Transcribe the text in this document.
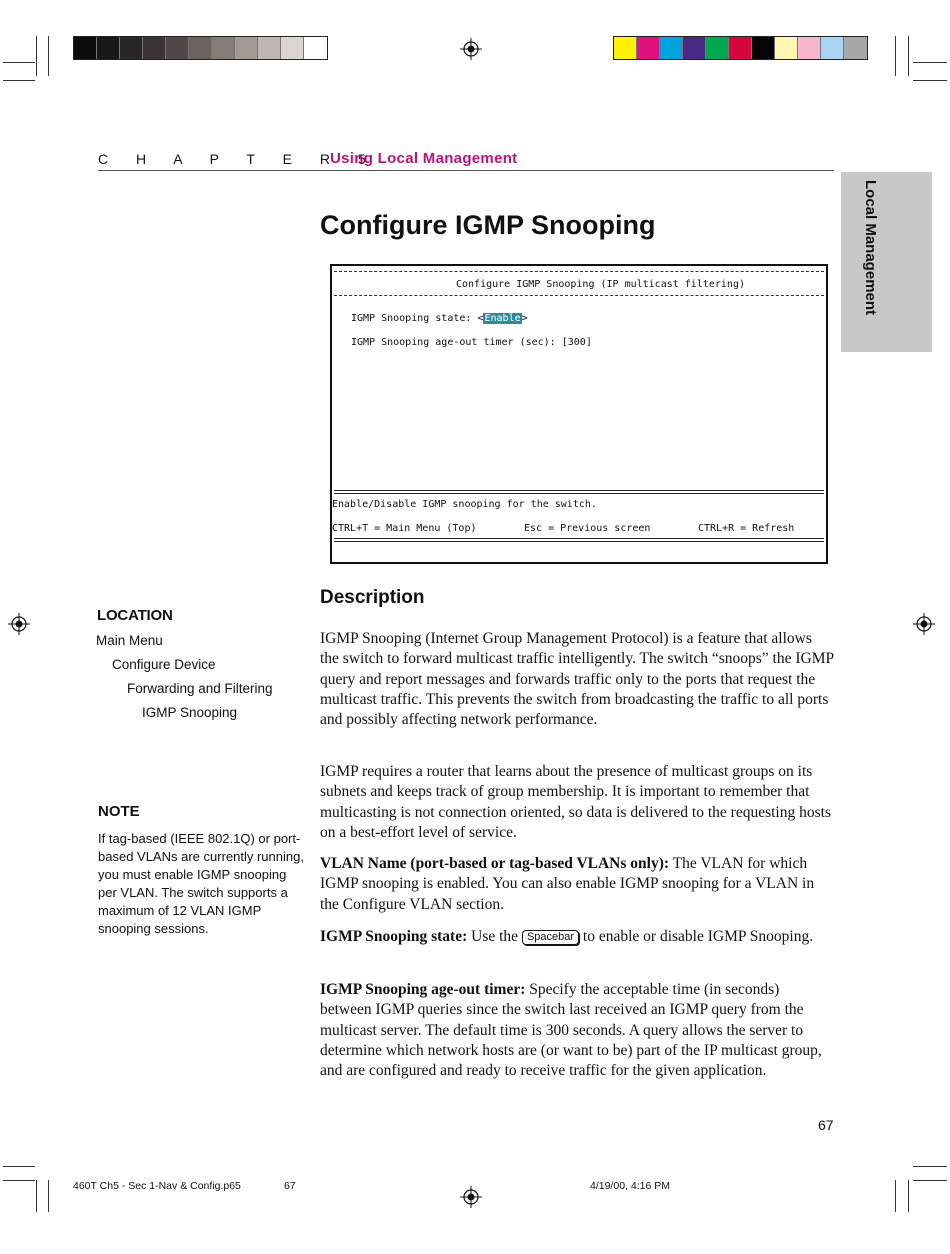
C H A P T E R 5
Using Local Management
Local Management
Configure IGMP Snooping
Configure IGMP Snooping (IP multicast filtering)
IGMP Snooping state: <Enable>
IGMP Snooping age-out timer (sec): [300]
Enable/Disable IGMP snooping for the switch.
CTRL+T = Main Menu (Top)	Esc = Previous screen	CTRL+R = Refresh
LOCATION
Main Menu
Configure Device
Forwarding and Filtering
IGMP Snooping
NOTE
If tag-based (IEEE 802.1Q) or port-based VLANs are currently running, you must enable IGMP snooping per VLAN. The switch supports a maximum of 12 VLAN IGMP snooping sessions.
Description
IGMP Snooping (Internet Group Management Protocol) is a feature that allows the switch to forward multicast traffic intelligently. The switch “snoops” the IGMP query and report messages and forwards traffic only to the ports that request the multicast traffic. This prevents the switch from broadcasting the traffic to all ports and possibly affecting network performance.
IGMP requires a router that learns about the presence of multicast groups on its subnets and keeps track of group membership. It is important to remember that multicasting is not connection oriented, so data is delivered to the requesting hosts on a best-effort level of service.
VLAN Name (port-based or tag-based VLANs only): The VLAN for which IGMP snooping is enabled. You can also enable IGMP snooping for a VLAN in the Configure VLAN section.
IGMP Snooping state: Use the Spacebar to enable or disable IGMP Snooping.
IGMP Snooping age-out timer: Specify the acceptable time (in seconds) between IGMP queries since the switch last received an IGMP query from the multicast server. The default time is 300 seconds. A query allows the server to determine which network hosts are (or want to be) part of the IP multicast group, and are configured and ready to receive traffic for the given application.
67
460T Ch5 - Sec 1-Nav & Config.p65	67	4/19/00, 4:16 PM
